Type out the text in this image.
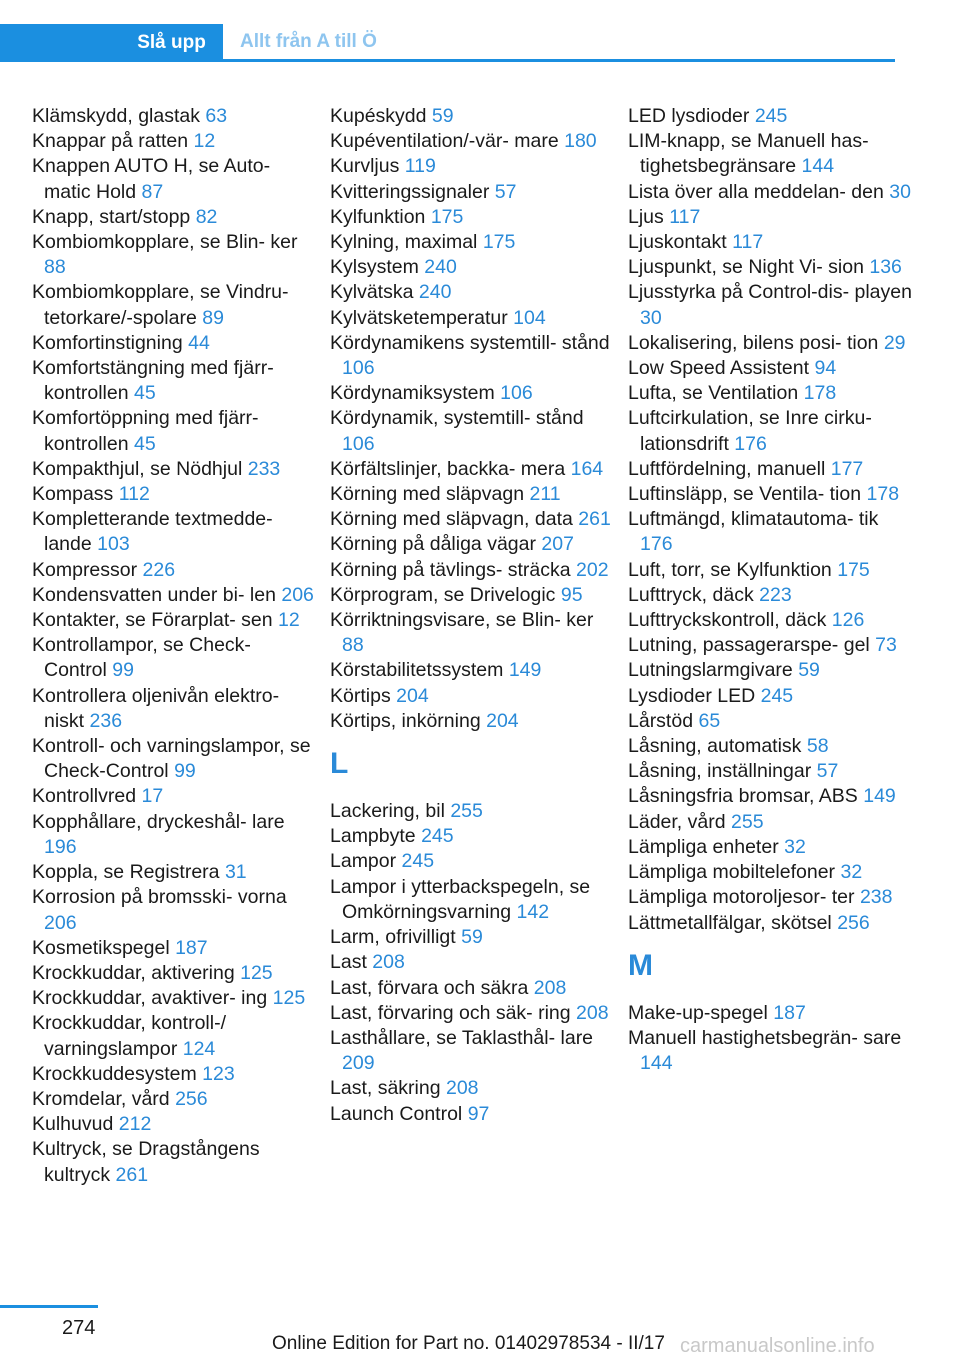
Slå upp	Allt från A till Ö
Klämskydd, glastak 63
Knappar på ratten 12
Knappen AUTO H, se Auto‐ matic Hold 87
Knapp, start/stopp 82
Kombiomkopplare, se Blin‐ ker 88
Kombiomkopplare, se Vindru‐ tetorkare/-spolare 89
Komfortinstigning 44
Komfortstängning med fjärr‐ kontrollen 45
Komfortöppning med fjärr‐ kontrollen 45
Kompakthjul, se Nödhjul 233
Kompass 112
Kompletterande textmedde‐ lande 103
Kompressor 226
Kondensvatten under bi‐ len 206
Kontakter, se Förarplat‐ sen 12
Kontrollampor, se Check- Control 99
Kontrollera oljenivån elektro‐ niskt 236
Kontroll- och varningslampor, se Check-Control 99
Kontrollvred 17
Kopphållare, dryckeshål‐ lare 196
Koppla, se Registrera 31
Korrosion på bromsski‐ vorna 206
Kosmetikspegel 187
Krockkuddar, aktivering 125
Krockkuddar, avaktiver‐ ing 125
Krockkuddar, kontroll-/ varningslampor 124
Krockkuddesystem 123
Kromdelar, vård 256
Kulhuvud 212
Kultryck, se Dragstångens kultryck 261
Kupéskydd 59
Kupéventilation/-vär‐ mare 180
Kurvljus 119
Kvitteringssignaler 57
Kylfunktion 175
Kylning, maximal 175
Kylsystem 240
Kylvätska 240
Kylvätsketemperatur 104
Kördynamikens systemtill‐ stånd 106
Kördynamiksystem 106
Kördynamik, systemtill‐ stånd 106
Körfältslinjer, backka‐ mera 164
Körning med släpvagn 211
Körning med släpvagn, data 261
Körning på dåliga vägar 207
Körning på tävlings‐ sträcka 202
Körprogram, se Drivelogic 95
Körriktningsvisare, se Blin‐ ker 88
Körstabilitetssystem 149
Körtips 204
Körtips, inkörning 204
L
Lackering, bil 255
Lampbyte 245
Lampor 245
Lampor i ytterbackspegeln, se Omkörningsvarning 142
Larm, ofrivilligt 59
Last 208
Last, förvara och säkra 208
Last, förvaring och säk‐ ring 208
Lasthållare, se Taklasthål‐ lare 209
Last, säkring 208
Launch Control 97
LED lysdioder 245
LIM-knapp, se Manuell has‐ tighetsbegränsare 144
Lista över alla meddelan‐ den 30
Ljus 117
Ljuskontakt 117
Ljuspunkt, se Night Vi‐ sion 136
Ljusstyrka på Control-dis‐ playen 30
Lokalisering, bilens posi‐ tion 29
Low Speed Assistent 94
Lufta, se Ventilation 178
Luftcirkulation, se Inre cirku‐ lationsdrift 176
Luftfördelning, manuell 177
Luftinsläpp, se Ventila‐ tion 178
Luftmängd, klimatautoma‐ tik 176
Luft, torr, se Kylfunktion 175
Lufttryck, däck 223
Lufttryckskontroll, däck 126
Lutning, passagerarspe‐ gel 73
Lutningslarmgivare 59
Lysdioder LED 245
Lårstöd 65
Låsning, automatisk 58
Låsning, inställningar 57
Låsningsfria bromsar, ABS 149
Läder, vård 255
Lämpliga enheter 32
Lämpliga mobiltelefoner 32
Lämpliga motoroljesor‐ ter 238
Lättmetallfälgar, skötsel 256
M
Make-up-spegel 187
Manuell hastighetsbegrän‐ sare 144
274
Online Edition for Part no. 01402978534 - II/17 carmanualsonline.info
